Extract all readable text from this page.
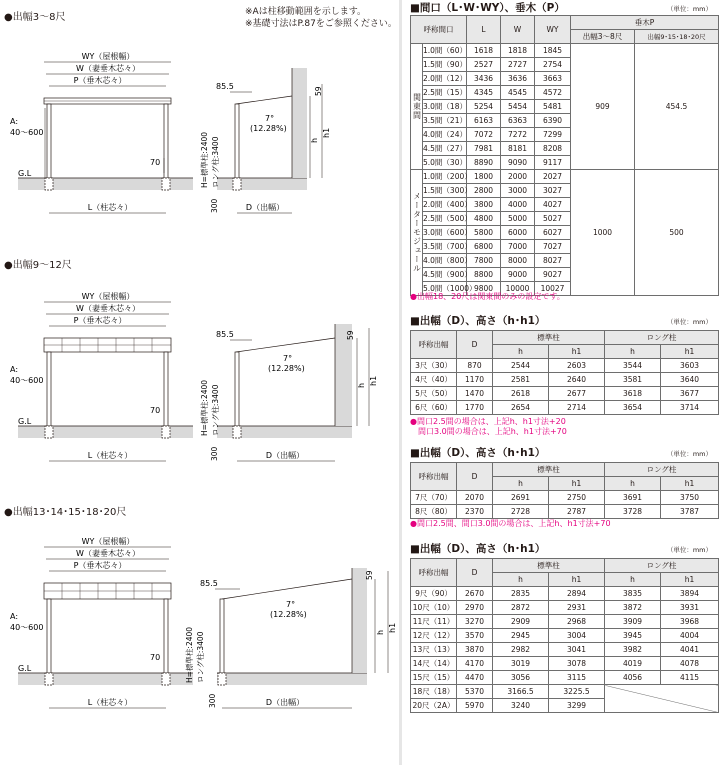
※Aは柱移動範囲を示します。
※基礎寸法はP.87をご参照ください。
●出幅3～8尺
●出幅9～12尺
●出幅13･14･15･18･20尺
WY（屋根幅）
W（妻垂木芯々）
P（垂木芯々）
A:
40～600
70
G.L
L（柱芯々）
85.5
7°
(12.28%)
H=標準柱:2400 ロング柱:3400
300	D（出幅）
59
h
h1
WY（屋根幅）
W（妻垂木芯々）
P（垂木芯々）
A:
40～600
70
G.L
L（柱芯々）
85.5
7°
(12.28%)
H=標準柱:2400 ロング柱:3400
300	D（出幅）
59
h h1
WY（屋根幅）
W（妻垂木芯々）
P（垂木芯々）
A:
40～600
70
G.L
L（柱芯々）
85.5
7°
(12.28%)
H=標準柱:2400 ロング柱:3400
300	D（出幅）
59
h h1
■間口（L･W･WY）、垂木（P）	（単位：mm）
呼称間口		L	W	WY	垂木P	
					出幅3～8尺	出幅9･15･18･20尺
関東間	1.0間（60）	1618	1818	1845	909	454.5
	1.5間（90）	2527	2727	2754		
	2.0間（12）	3436	3636	3663		
	2.5間（15）	4345	4545	4572		
	3.0間（18）	5254	5454	5481		
	3.5間（21）	6163	6363	6390		
	4.0間（24）	7072	7272	7299		
	4.5間（27）	7981	8181	8208		
	5.0間（30）	8890	9090	9117		
メーターモジュール	1.0間（200）	1800	2000	2027	1000	500
	1.5間（300）	2800	3000	3027		
	2.0間（400）	3800	4000	4027		
	2.5間（500）	4800	5000	5027		
	3.0間（600）	5800	6000	6027		
	3.5間（700）	6800	7000	7027		
	4.0間（800）	7800	8000	8027		
	4.5間（900）	8800	9000	9027		
	5.0間（1000）	9800	10000	10027		
●出幅18、20尺は関東間のみの設定です。
■出幅（D）、高さ（h･h1）	（単位：mm）
呼称出幅	D	標準柱		ロング柱	
		h	h1	h	h1
3尺（30）	870	2544	2603	3544	3603
4尺（40）	1170	2581	2640	3581	3640
5尺（50）	1470	2618	2677	3618	3677
6尺（60）	1770	2654	2714	3654	3714
●間口2.5間の場合は、上記h、h1寸法+20
　間口3.0間の場合は、上記h、h1寸法+70
■出幅（D）、高さ（h･h1）	（単位：mm）
呼称出幅	D	標準柱		ロング柱	
		h	h1	h	h1
7尺（70）	2070	2691	2750	3691	3750
8尺（80）	2370	2728	2787	3728	3787
●間口2.5間、間口3.0間の場合は、上記h、h1寸法+70
■出幅（D）、高さ（h･h1）	（単位：mm）
呼称出幅	D	標準柱		ロング柱	
		h	h1	h	h1
9尺（90）	2670	2835	2894	3835	3894
10尺（10）	2970	2872	2931	3872	3931
11尺（11）	3270	2909	2968	3909	3968
12尺（12）	3570	2945	3004	3945	4004
13尺（13）	3870	2982	3041	3982	4041
14尺（14）	4170	3019	3078	4019	4078
15尺（15）	4470	3056	3115	4056	4115
18尺（18）	5370	3166.5	3225.5		
20尺（2A）	5970	3240	3299		
